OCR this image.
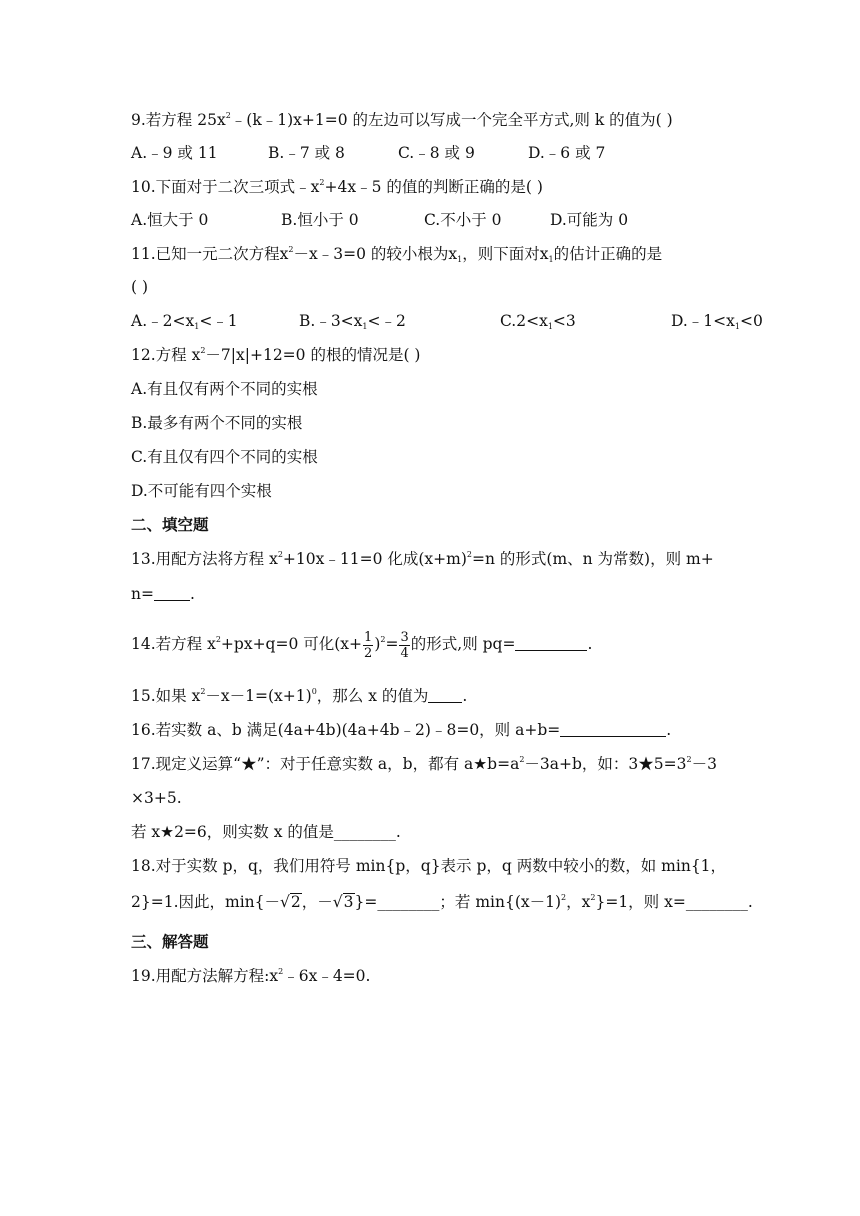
9.若方程 $25x^2﹣(k﹣1)x+1=0$ 的左边可以写成一个完全平方式,则 k 的值为( )
A.﹣9 或 11	B.﹣7 或 8	C.﹣8 或 9	D.﹣6 或 7
10.下面对于二次三项式$﹣x^2+4x﹣5$ 的值的判断正确的是( )
A.恒大于 0	B.恒小于 0	C.不小于 0	D.可能为 0
11.已知一元二次方程$x^2-x﹣3=0$ 的较小根为$x_1$，则下面对$x_1$的估计正确的是
( )
$A.﹣2<x_1<﹣1$	$B.﹣3<x_1<﹣2$	$C.2<x_1<3$	$D.﹣1<x_1<0$
12.方程 $x^2-7|x|+12=0$ 的根的情况是( )
A.有且仅有两个不同的实根
B.最多有两个不同的实根
C.有且仅有四个不同的实根
D.不可能有四个实根
二、填空题
13.用配方法将方程 $x^2+10x﹣11=0$ 化成$(x+m)^2=n$ 的形式(m、n 为常数)，则 m+
n= .
14.若方程 $x^2+px+q=0$ 可化$(x+ \frac{1}{2} )^2= \frac{3}{4}$ 的形式,则 pq=	.
15.如果 $x^2-x-1=(x+1)^0$，那么 x 的值为 .
16.若实数 a、b 满足(4a+4b)(4a+4b﹣2)﹣8=0，则 a+b=	.
17.现定义运算“★”：对于任意实数 a，b，都有 $a★b=a^2-3a+b$，如：$3★5=3^2-3$
×3+5.
若 x★2=6，则实数 x 的值是________.
18.对于实数 p，q，我们用符号 min{p，q}表示 p，q 两数中较小的数，如 min{1，
2}=1.因此，min{－√2，－√3}=________；若 $\min\{(x-1)^2$，$x^2\}=1$，则 x=________.
三、解答题
19.用配方法解方程$:x^2﹣6x﹣4=0$.
